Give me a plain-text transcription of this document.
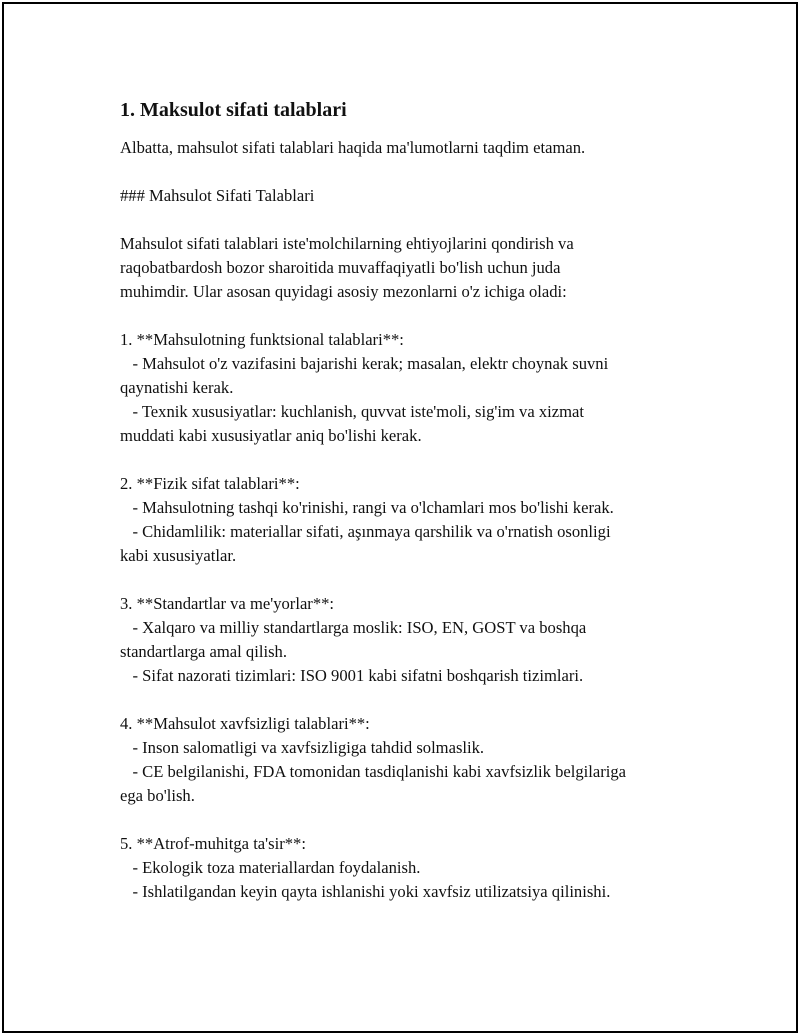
1. Maksulot sifati talablari

Albatta, mahsulot sifati talablari haqida ma'lumotlarni taqdim etaman.

### Mahsulot Sifati Talablari

Mahsulot sifati talablari iste'molchilarning ehtiyojlarini qondirish va

raqobatbardosh bozor sharoitida muvaffaqiyatli bo'lish uchun juda

muhimdir. Ular asosan quyidagi asosiy mezonlarni o'z ichiga oladi:

1. **Mahsulotning funktsional talablari**:

- Mahsulot o'z vazifasini bajarishi kerak; masalan, elektr choynak suvni

qaynatishi kerak.

- Texnik xususiyatlar: kuchlanish, quvvat iste'moli, sig'im va xizmat

muddati kabi xususiyatlar aniq bo'lishi kerak.

2. **Fizik sifat talablari**:

- Mahsulotning tashqi ko'rinishi, rangi va o'lchamlari mos bo'lishi kerak.

- Chidamlilik: materiallar sifati, aşınmaya qarshilik va o'rnatish osonligi

kabi xususiyatlar.

3. **Standartlar va me'yorlar**:

- Xalqaro va milliy standartlarga moslik: ISO, EN, GOST va boshqa

standartlarga amal qilish.

- Sifat nazorati tizimlari: ISO 9001 kabi sifatni boshqarish tizimlari.

4. **Mahsulot xavfsizligi talablari**:

- Inson salomatligi va xavfsizligiga tahdid solmaslik.

- CE belgilanishi, FDA tomonidan tasdiqlanishi kabi xavfsizlik belgilariga

ega bo'lish.

5. **Atrof-muhitga ta'sir**:

- Ekologik toza materiallardan foydalanish.

- Ishlatilgandan keyin qayta ishlanishi yoki xavfsiz utilizatsiya qilinishi.
